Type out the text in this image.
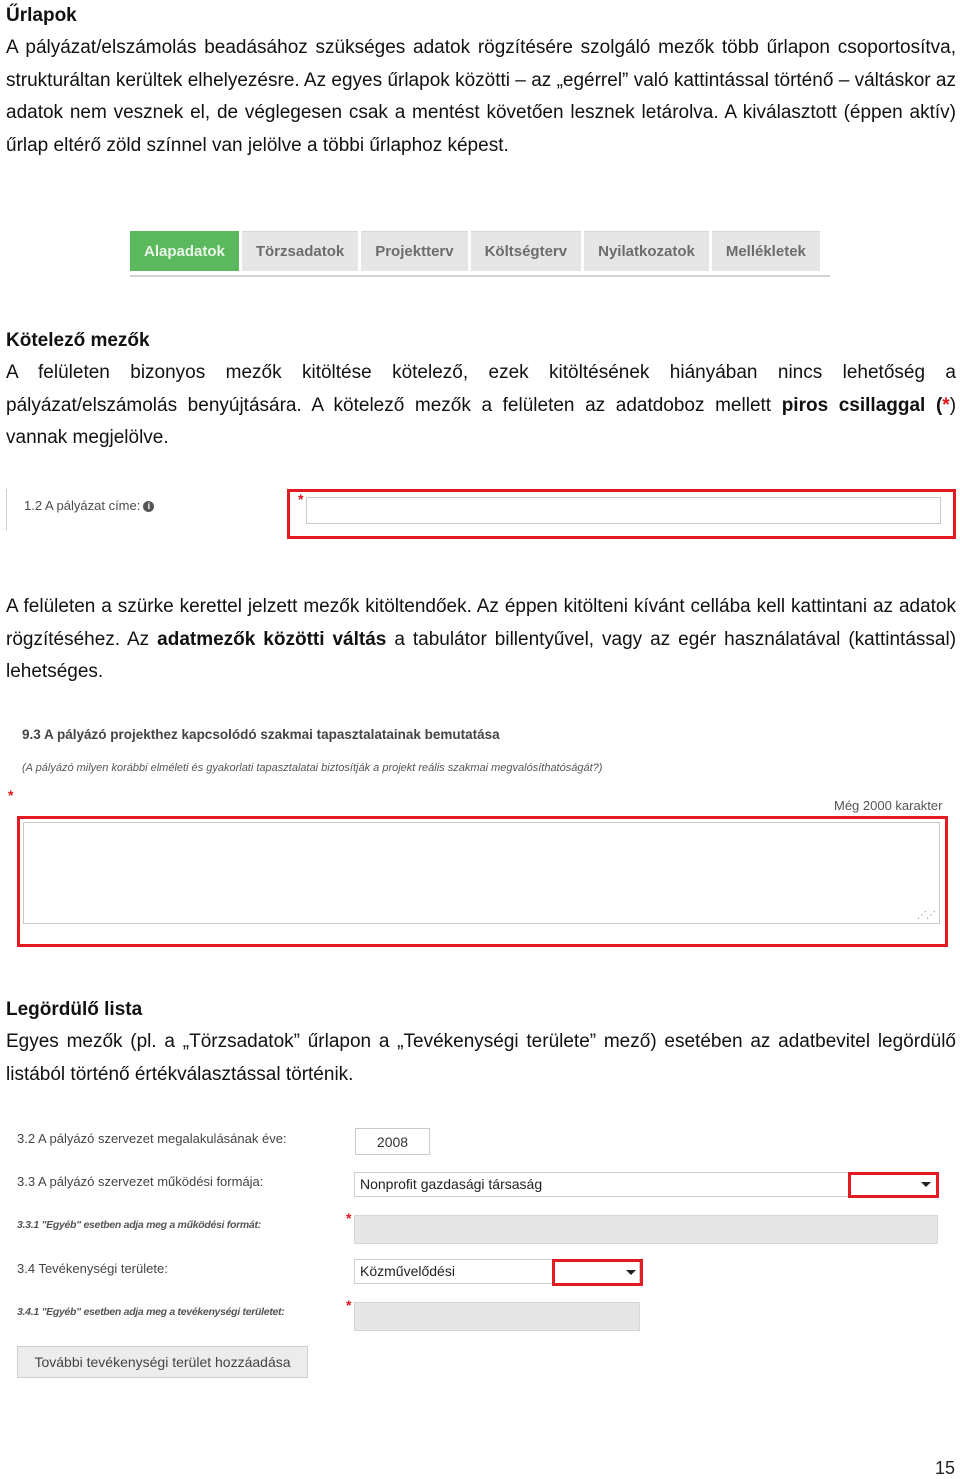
Űrlapok

A pályázat/elszámolás beadásához szükséges adatok rögzítésére szolgáló mezők több űrlapon csoportosítva, strukturáltan kerültek elhelyezésre. Az egyes űrlapok közötti – az „egérrel” való kattintással történő – váltáskor az adatok nem vesznek el, de véglegesen csak a mentést követően lesznek letárolva. A kiválasztott (éppen aktív) űrlap eltérő zöld színnel van jelölve a többi űrlaphoz képest.

Alapadatok	Törzsadatok	Projektterv	Költségterv	Nyilatkozatok	Mellékletek

Kötelező mezők

A felületen bizonyos mezők kitöltése kötelező, ezek kitöltésének hiányában nincs lehetőség a pályázat/elszámolás benyújtására. A kötelező mezők a felületen az adatdoboz mellett piros csillaggal (*) vannak megjelölve.

1.2 A pályázat címe: i	*

A felületen a szürke kerettel jelzett mezők kitöltendőek. Az éppen kitölteni kívánt cellába kell kattintani az adatok rögzítéséhez. Az adatmezők közötti váltás a tabulátor billentyűvel, vagy az egér használatával (kattintással) lehetséges.

9.3 A pályázó projekthez kapcsolódó szakmai tapasztalatainak bemutatása
(A pályázó milyen korábbi elméleti és gyakorlati tapasztalatai biztosítják a projekt reális szakmai megvalósíthatóságát?)
*
Még 2000 karakter
⋰⋰

Legördülő lista

Egyes mezők (pl. a „Törzsadatok” űrlapon a „Tevékenységi területe” mező) esetében az adatbevitel legördülő listából történő értékválasztással történik.

3.2 A pályázó szervezet megalakulásának éve:	2008
3.3 A pályázó szervezet működési formája:	Nonprofit gazdasági társaság
3.3.1 "Egyéb" esetben adja meg a működési formát:	*
3.4 Tevékenységi területe:	Közművelődési
3.4.1 "Egyéb" esetben adja meg a tevékenységi területet:	*
További tevékenységi terület hozzáadása
15
